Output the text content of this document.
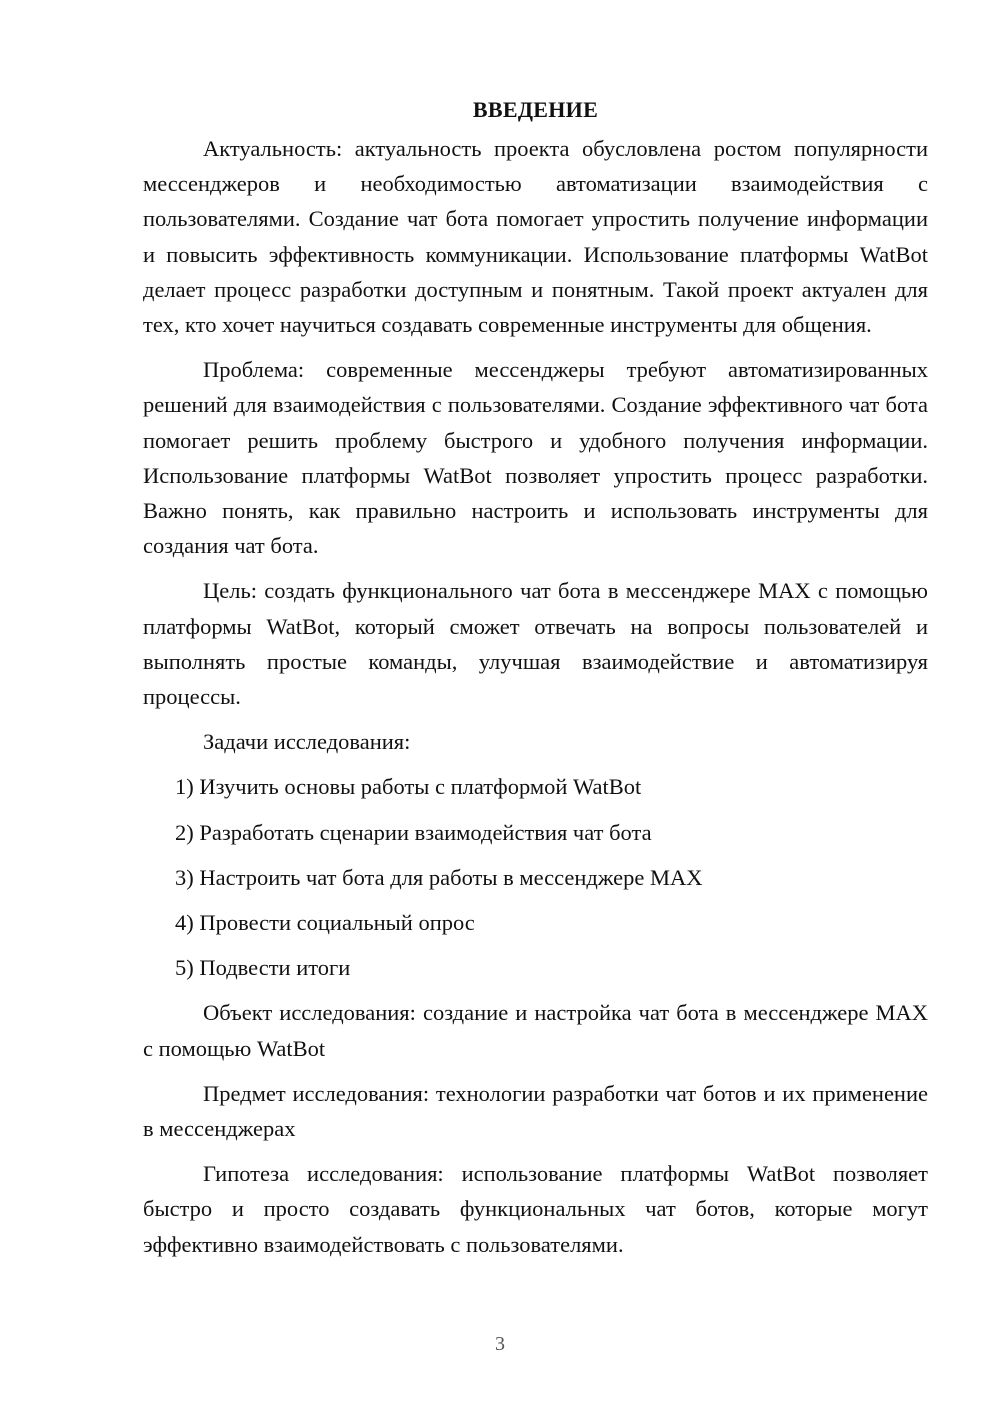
ВВЕДЕНИЕ

Актуальность: актуальность проекта обусловлена ростом популярности мессенджеров и необходимостью автоматизации взаимодействия с пользователями. Создание чат бота помогает упростить получение информации и повысить эффективность коммуникации. Использование платформы WatBot делает процесс разработки доступным и понятным. Такой проект актуален для тех, кто хочет научиться создавать современные инструменты для общения.

Проблема: современные мессенджеры требуют автоматизированных решений для взаимодействия с пользователями. Создание эффективного чат бота помогает решить проблему быстрого и удобного получения информации. Использование платформы WatBot позволяет упростить процесс разработки. Важно понять, как правильно настроить и использовать инструменты для создания чат бота.

Цель: создать функционального чат бота в мессенджере MAX с помощью платформы WatBot, который сможет отвечать на вопросы пользователей и выполнять простые команды, улучшая взаимодействие и автоматизируя процессы.

Задачи исследования:

1) Изучить основы работы с платформой WatBot
2) Разработать сценарии взаимодействия чат бота
3) Настроить чат бота для работы в мессенджере MAX
4) Провести социальный опрос
5) Подвести итоги

Объект исследования: создание и настройка чат бота в мессенджере MAX с помощью WatBot

Предмет исследования: технологии разработки чат ботов и их применение в мессенджерах

Гипотеза исследования: использование платформы WatBot позволяет быстро и просто создавать функциональных чат ботов, которые могут эффективно взаимодействовать с пользователями.

3
